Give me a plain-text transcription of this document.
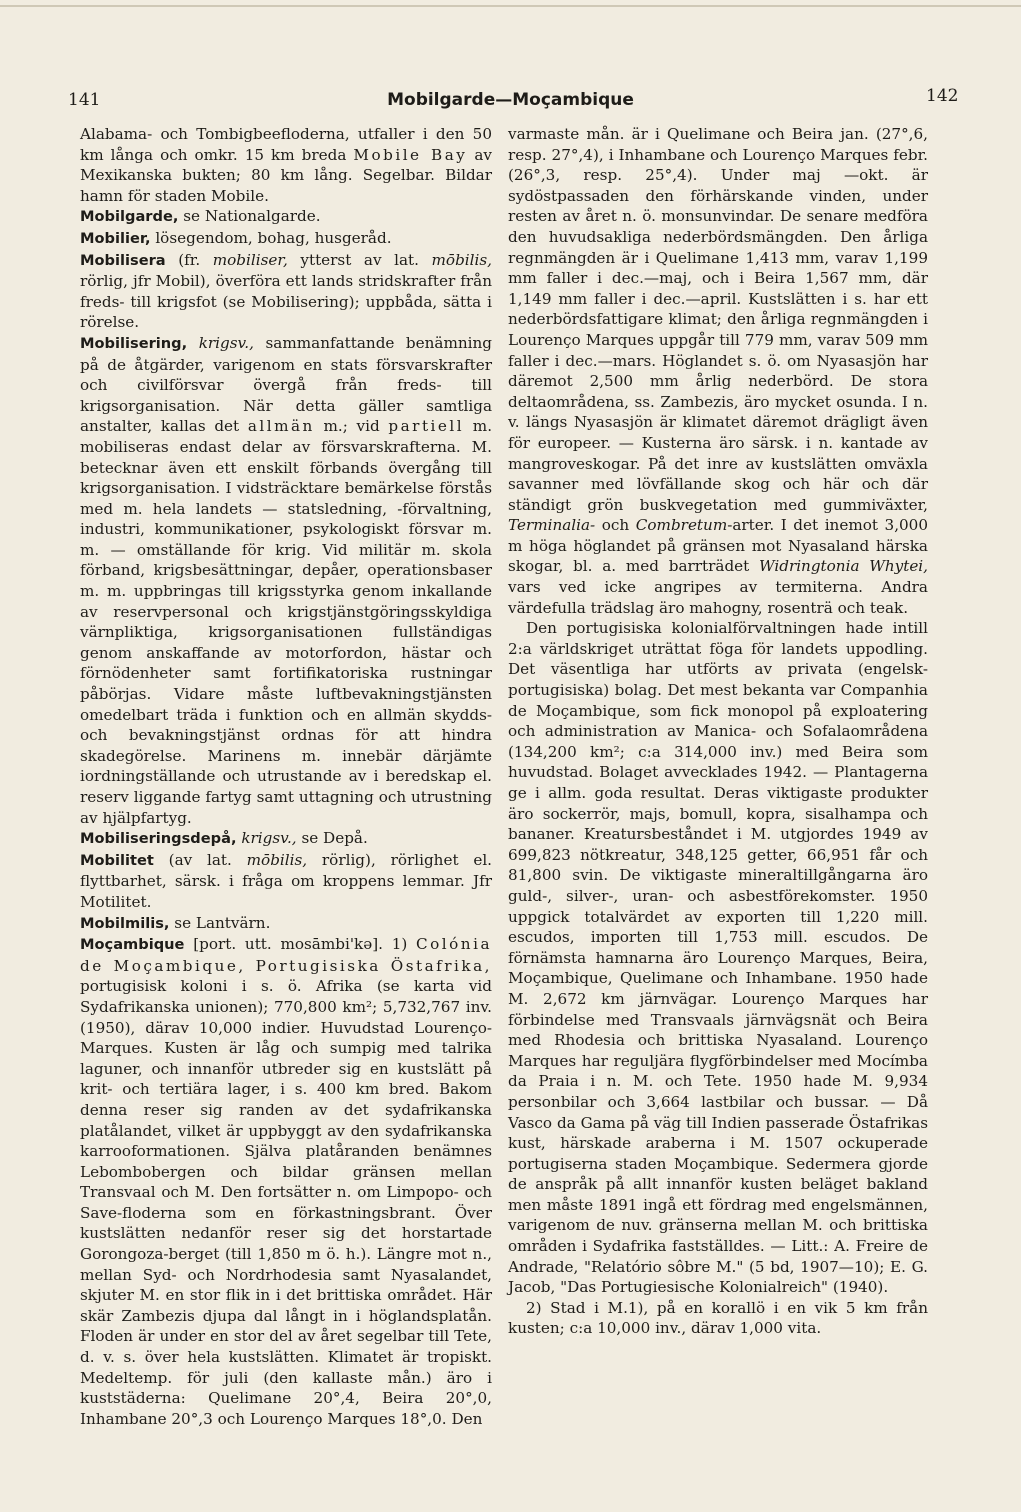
141	Mobilgarde—Moçambique	142

Alabama- och Tombigbeefloderna, utfaller i den 50 km långa och omkr. 15 km breda Mobile Bay av Mexikanska bukten; 80 km lång. Segelbar. Bildar hamn för staden Mobile.

Mobilgarde, se Nationalgarde.

Mobilier, lösegendom, bohag, husgeråd.

Mobilisera (fr. mobiliser, ytterst av lat. mōbilis, rörlig, jfr Mobil), överföra ett lands stridskrafter från freds- till krigsfot (se Mobilisering); uppbåda, sätta i rörelse.

Mobilisering, krigsv., sammanfattande benämning på de åtgärder, varigenom en stats försvarskrafter och civilförsvar övergå från freds- till krigsorganisation. När detta gäller samtliga anstalter, kallas det allmän m.; vid partiell m. mobiliseras endast delar av försvarskrafterna. M. betecknar även ett enskilt förbands övergång till krigsorganisation. I vidsträcktare bemärkelse förstås med m. hela landets — statsledning, -förvaltning, industri, kommunikationer, psykologiskt försvar m. m. — omställande för krig. Vid militär m. skola förband, krigsbesättningar, depåer, operationsbaser m. m. uppbringas till krigsstyrka genom inkallande av reservpersonal och krigstjänstgöringsskyldiga värnpliktiga, krigsorganisationen fullständigas genom anskaffande av motorfordon, hästar och förnödenheter samt fortifikatoriska rustningar påbörjas. Vidare måste luftbevakningstjänsten omedelbart träda i funktion och en allmän skydds- och bevakningstjänst ordnas för att hindra skadegörelse. Marinens m. innebär därjämte iordningställande och utrustande av i beredskap el. reserv liggande fartyg samt uttagning och utrustning av hjälpfartyg.

Mobiliseringsdepå, krigsv., se Depå.

Mobilitet (av lat. mōbilis, rörlig), rörlighet el. flyttbarhet, särsk. i fråga om kroppens lemmar. Jfr Motilitet.

Mobilmilis, se Lantvärn.

Moçambique [port. utt. mosāmbi'kə]. 1) Colónia de Moçambique, Portugisiska Östafrika, portugisisk koloni i s. ö. Afrika (se karta vid Sydafrikanska unionen); 770,800 km²; 5,732,767 inv. (1950), därav 10,000 indier. Huvudstad Lourenço-Marques. Kusten är låg och sumpig med talrika laguner, och innanför utbreder sig en kustslätt på krit- och tertiära lager, i s. 400 km bred. Bakom denna reser sig randen av det sydafrikanska platålandet, vilket är uppbyggt av den sydafrikanska karrooformationen. Själva platåranden benämnes Lebombobergen och bildar gränsen mellan Transvaal och M. Den fortsätter n. om Limpopo- och Save-floderna som en förkastningsbrant. Över kustslätten nedanför reser sig det horstartade Gorongoza-berget (till 1,850 m ö. h.). Längre mot n., mellan Syd- och Nordrhodesia samt Nyasalandet, skjuter M. en stor flik in i det brittiska området. Här skär Zambezis djupa dal långt in i höglandsplatån. Floden är under en stor del av året segelbar till Tete, d. v. s. över hela kustslätten. Klimatet är tropiskt. Medeltemp. för juli (den kallaste mån.) äro i kuststäderna: Quelimane 20°,4, Beira 20°,0, Inhambane 20°,3 och Lourenço Marques 18°,0. Den

varmaste mån. är i Quelimane och Beira jan. (27°,6, resp. 27°,4), i Inhambane och Lourenço Marques febr. (26°,3, resp. 25°,4). Under maj —okt. är sydöstpassaden den förhärskande vinden, under resten av året n. ö. monsunvindar. De senare medföra den huvudsakliga nederbördsmängden. Den årliga regnmängden är i Quelimane 1,413 mm, varav 1,199 mm faller i dec.—maj, och i Beira 1,567 mm, där 1,149 mm faller i dec.—april. Kustslätten i s. har ett nederbördsfattigare klimat; den årliga regnmängden i Lourenço Marques uppgår till 779 mm, varav 509 mm faller i dec.—mars. Höglandet s. ö. om Nyasasjön har däremot 2,500 mm årlig nederbörd. De stora deltaområdena, ss. Zambezis, äro mycket osunda. I n. v. längs Nyasasjön är klimatet däremot drägligt även för europeer. — Kusterna äro särsk. i n. kantade av mangroveskogar. På det inre av kustslätten omväxla savanner med lövfällande skog och här och där ständigt grön buskvegetation med gummiväxter, Terminalia- och Combretum-arter. I det inemot 3,000 m höga höglandet på gränsen mot Nyasaland härska skogar, bl. a. med barrträdet Widringtonia Whytei, vars ved icke angripes av termiterna. Andra värdefulla trädslag äro mahogny, rosenträ och teak.

Den portugisiska kolonialförvaltningen hade intill 2:a världskriget uträttat föga för landets uppodling. Det väsentliga har utförts av privata (engelsk-portugisiska) bolag. Det mest bekanta var Companhia de Moçambique, som fick monopol på exploatering och administration av Manica- och Sofalaområdena (134,200 km²; c:a 314,000 inv.) med Beira som huvudstad. Bolaget avvecklades 1942. — Plantagerna ge i allm. goda resultat. Deras viktigaste produkter äro sockerrör, majs, bomull, kopra, sisalhampa och bananer. Kreatursbeståndet i M. utgjordes 1949 av 699,823 nötkreatur, 348,125 getter, 66,951 får och 81,800 svin. De viktigaste mineraltillgångarna äro guld-, silver-, uran- och asbestförekomster. 1950 uppgick totalvärdet av exporten till 1,220 mill. escudos, importen till 1,753 mill. escudos. De förnämsta hamnarna äro Lourenço Marques, Beira, Moçambique, Quelimane och Inhambane. 1950 hade M. 2,672 km järnvägar. Lourenço Marques har förbindelse med Transvaals järnvägsnät och Beira med Rhodesia och brittiska Nyasaland. Lourenço Marques har reguljära flygförbindelser med Mocímba da Praia i n. M. och Tete. 1950 hade M. 9,934 personbilar och 3,664 lastbilar och bussar. — Då Vasco da Gama på väg till Indien passerade Östafrikas kust, härskade araberna i M. 1507 ockuperade portugiserna staden Moçambique. Sedermera gjorde de anspråk på allt innanför kusten beläget bakland men måste 1891 ingå ett fördrag med engelsmännen, varigenom de nuv. gränserna mellan M. och brittiska områden i Sydafrika fastställdes. — Litt.: A. Freire de Andrade, "Relatório sôbre M." (5 bd, 1907—10); E. G. Jacob, "Das Portugiesische Kolonialreich" (1940).

2) Stad i M.1), på en korallö i en vik 5 km från kusten; c:a 10,000 inv., därav 1,000 vita.
